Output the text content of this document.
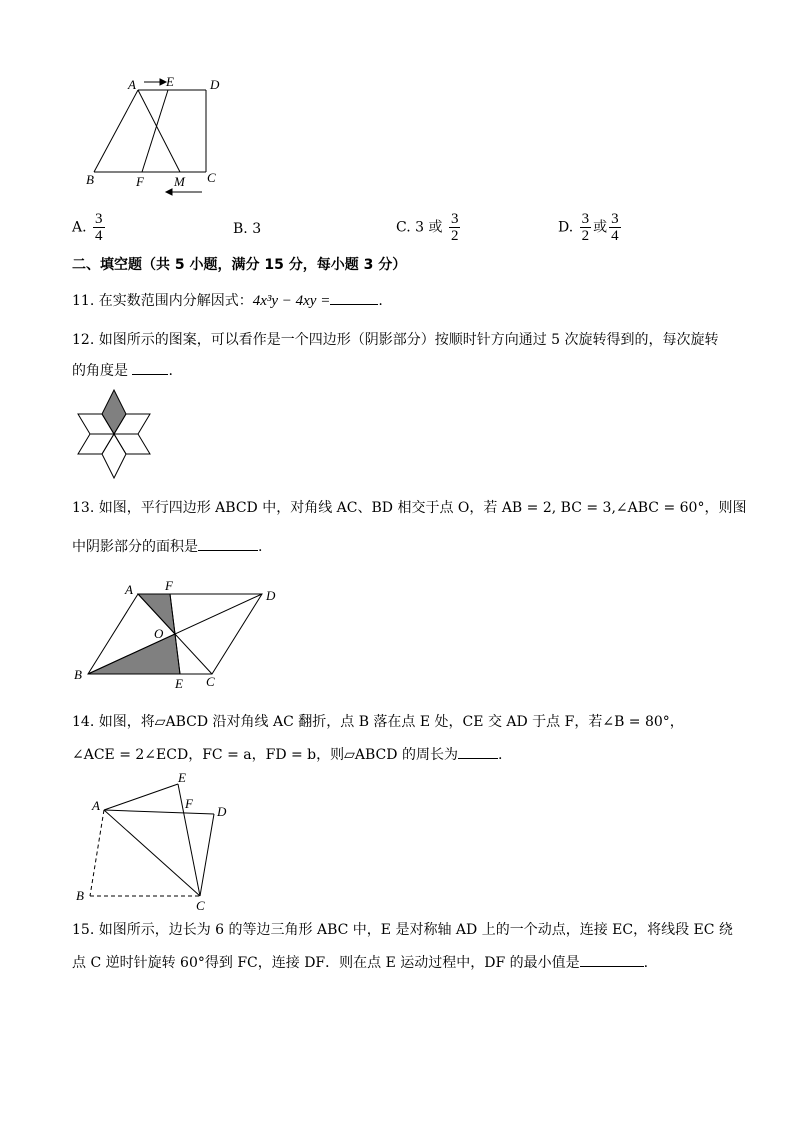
A E	D
B	F M C
A. $\frac{3}{4}$	B. 3	C. 3 或 $\frac{3}{2}$	D. $\frac{3}{2}$ 或 $\frac{3}{4}$
二、填空题（共 5 小题，满分 15 分，每小题 3 分）
11. 在实数范围内分解因式：4x³y − 4xy =	.
12. 如图所示的图案，可以看作是一个四边形（阴影部分）按顺时针方向通过 5 次旋转得到的，每次旋转
的角度是	.
13. 如图，平行四边形 ABCD 中，对角线 AC、BD 相交于点 O，若 AB = 2, BC = 3,∠ABC = 60°，则图
中阴影部分的面积是	.
A F
D
O
B
E C
14. 如图，将▱ABCD 沿对角线 AC 翻折，点 B 落在点 E 处，CE 交 AD 于点 F，若∠B = 80°，
∠ACE = 2∠ECD，FC = a，FD = b，则▱ABCD 的周长为	.
E
A	F
D
B
C
15. 如图所示，边长为 6 的等边三角形 ABC 中，E 是对称轴 AD 上的一个动点，连接 EC，将线段 EC 绕
点 C 逆时针旋转 60°得到 FC，连接 DF．则在点 E 运动过程中，DF 的最小值是	.
